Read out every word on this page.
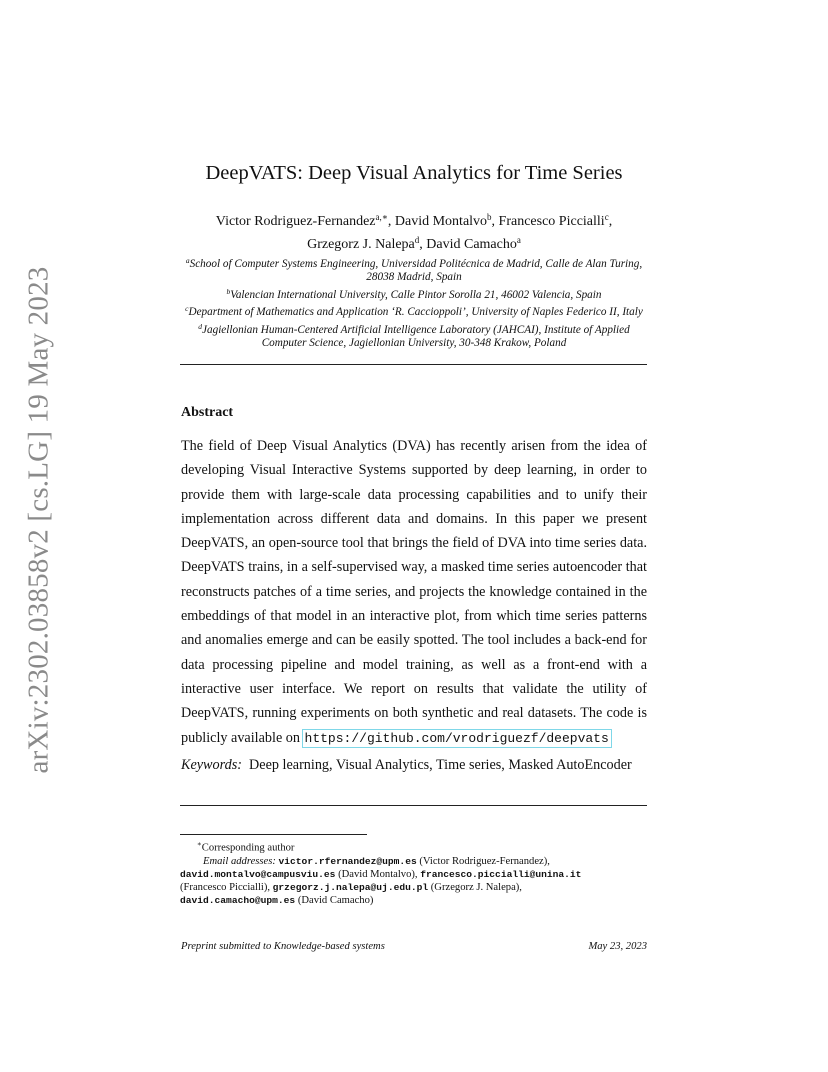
arXiv:2302.03858v2 [cs.LG] 19 May 2023
DeepVATS: Deep Visual Analytics for Time Series
Victor Rodriguez-Fernandez$^{a,∗}$, David Montalvo$^b$, Francesco Piccialli$^c$,
Grzegorz J. Nalepa$^d$, David Camacho$^a$
$^a$School of Computer Systems Engineering, Universidad Politécnica de Madrid, Calle de Alan Turing, 28038 Madrid, Spain
$^b$Valencian International University, Calle Pintor Sorolla 21, 46002 Valencia, Spain
$^c$Department of Mathematics and Application ‘R. Caccioppoli’, University of Naples Federico II, Italy
$^d$Jagiellonian Human-Centered Artificial Intelligence Laboratory (JAHCAI), Institute of Applied Computer Science, Jagiellonian University, 30-348 Krakow, Poland
Abstract
The field of Deep Visual Analytics (DVA) has recently arisen from the idea of developing Visual Interactive Systems supported by deep learning, in order to provide them with large-scale data processing capabilities and to unify their implementation across different data and domains. In this paper we present DeepVATS, an open-source tool that brings the field of DVA into time series data. DeepVATS trains, in a self-supervised way, a masked time series autoencoder that reconstructs patches of a time series, and projects the knowledge contained in the embeddings of that model in an interactive plot, from which time series patterns and anomalies emerge and can be easily spotted. The tool includes a back-end for data processing pipeline and model training, as well as a front-end with a interactive user interface. We report on results that validate the utility of DeepVATS, running experiments on both synthetic and real datasets. The code is publicly available on https://github.com/vrodriguezf/deepvats
Keywords: Deep learning, Visual Analytics, Time series, Masked AutoEncoder
∗Corresponding author
Email addresses: victor.rfernandez@upm.es (Victor Rodriguez-Fernandez),
david.montalvo@campusviu.es (David Montalvo), francesco.piccialli@unina.it
(Francesco Piccialli), grzegorz.j.nalepa@uj.edu.pl (Grzegorz J. Nalepa),
david.camacho@upm.es (David Camacho)
Preprint submitted to Knowledge-based systems	May 23, 2023
